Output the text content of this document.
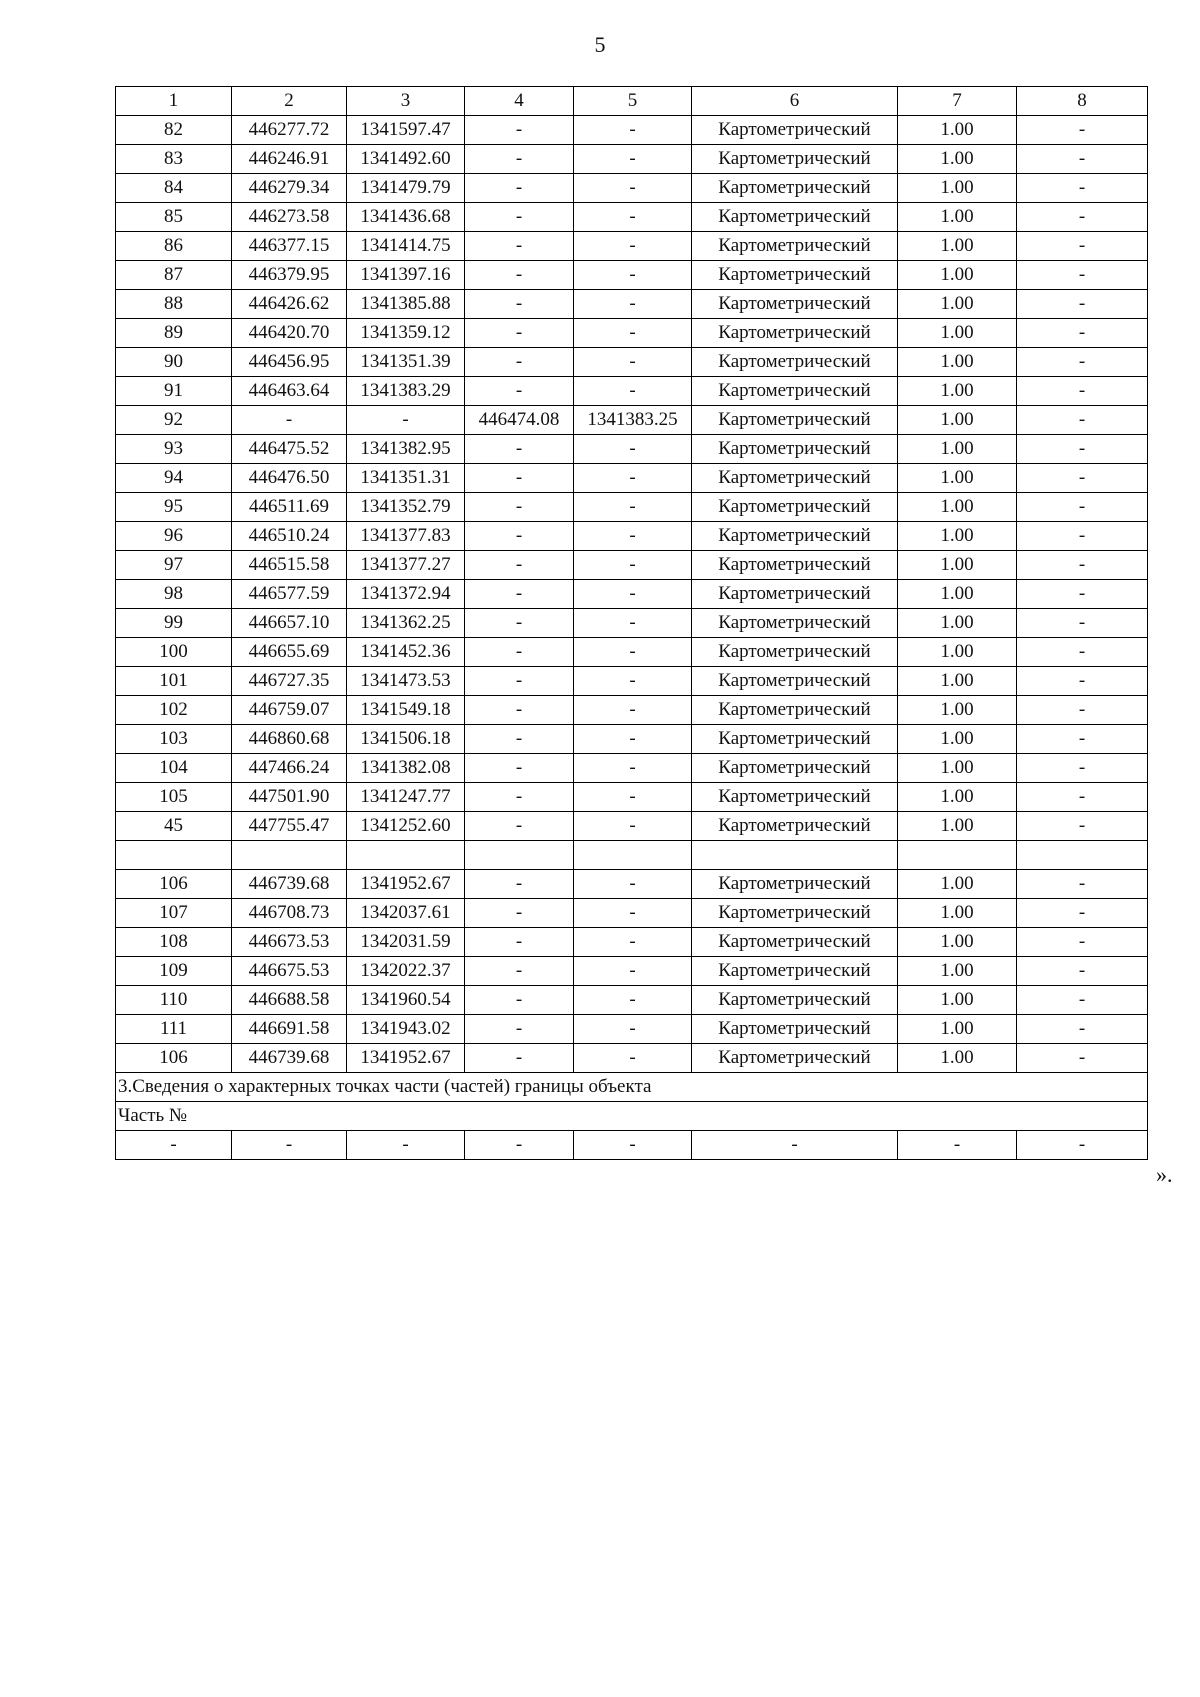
5
1	2	3	4	5	6	7	8
82	446277.72	1341597.47	-	-	Картометрический	1.00	-
83	446246.91	1341492.60	-	-	Картометрический	1.00	-
84	446279.34	1341479.79	-	-	Картометрический	1.00	-
85	446273.58	1341436.68	-	-	Картометрический	1.00	-
86	446377.15	1341414.75	-	-	Картометрический	1.00	-
87	446379.95	1341397.16	-	-	Картометрический	1.00	-
88	446426.62	1341385.88	-	-	Картометрический	1.00	-
89	446420.70	1341359.12	-	-	Картометрический	1.00	-
90	446456.95	1341351.39	-	-	Картометрический	1.00	-
91	446463.64	1341383.29	-	-	Картометрический	1.00	-
92	-	-	446474.08	1341383.25	Картометрический	1.00	-
93	446475.52	1341382.95	-	-	Картометрический	1.00	-
94	446476.50	1341351.31	-	-	Картометрический	1.00	-
95	446511.69	1341352.79	-	-	Картометрический	1.00	-
96	446510.24	1341377.83	-	-	Картометрический	1.00	-
97	446515.58	1341377.27	-	-	Картометрический	1.00	-
98	446577.59	1341372.94	-	-	Картометрический	1.00	-
99	446657.10	1341362.25	-	-	Картометрический	1.00	-
100	446655.69	1341452.36	-	-	Картометрический	1.00	-
101	446727.35	1341473.53	-	-	Картометрический	1.00	-
102	446759.07	1341549.18	-	-	Картометрический	1.00	-
103	446860.68	1341506.18	-	-	Картометрический	1.00	-
104	447466.24	1341382.08	-	-	Картометрический	1.00	-
105	447501.90	1341247.77	-	-	Картометрический	1.00	-
45	447755.47	1341252.60	-	-	Картометрический	1.00	-

106	446739.68	1341952.67	-	-	Картометрический	1.00	-
107	446708.73	1342037.61	-	-	Картометрический	1.00	-
108	446673.53	1342031.59	-	-	Картометрический	1.00	-
109	446675.53	1342022.37	-	-	Картометрический	1.00	-
110	446688.58	1341960.54	-	-	Картометрический	1.00	-
111	446691.58	1341943.02	-	-	Картометрический	1.00	-
106	446739.68	1341952.67	-	-	Картометрический	1.00	-
3.Сведения о характерных точках части (частей) границы объекта							
Часть №							
-	-	-	-	-	-	-	-
».
